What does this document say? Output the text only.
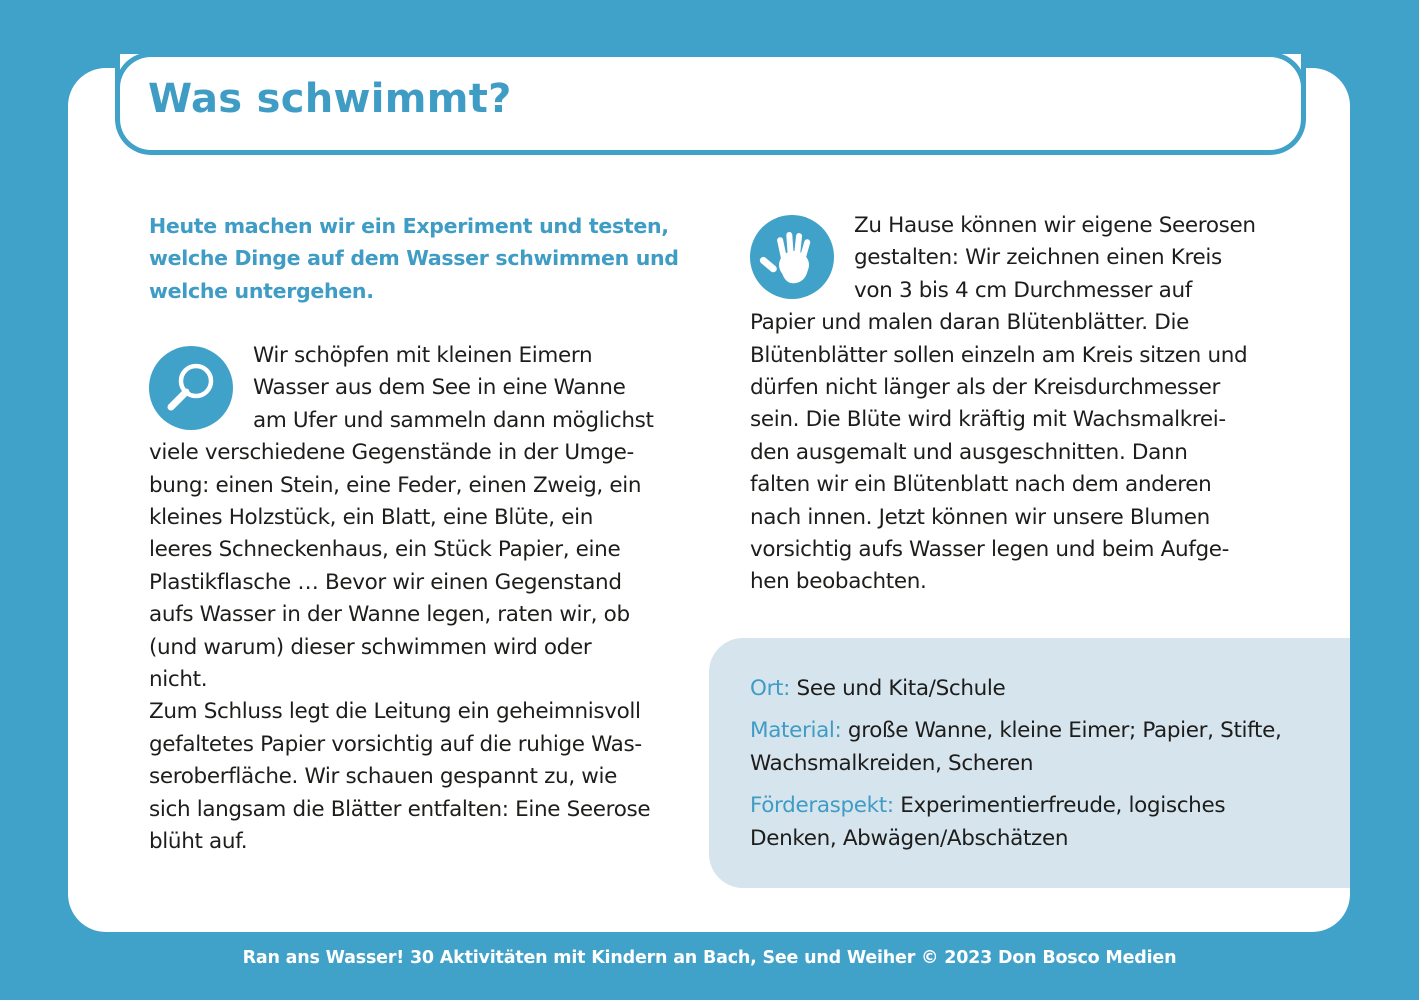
Was schwimmt?
Heute machen wir ein Experiment und testen,
welche Dinge auf dem Wasser schwimmen und
welche untergehen.
Wir schöpfen mit kleinen Eimern
Wasser aus dem See in eine Wanne
am Ufer und sammeln dann möglichst
viele verschiedene Gegenstände in der Umge-
bung: einen Stein, eine Feder, einen Zweig, ein
kleines Holzstück, ein Blatt, eine Blüte, ein
leeres Schneckenhaus, ein Stück Papier, eine
Plastikflasche … Bevor wir einen Gegenstand
aufs Wasser in der Wanne legen, raten wir, ob
(und warum) dieser schwimmen wird oder
nicht.
Zum Schluss legt die Leitung ein geheimnisvoll
gefaltetes Papier vorsichtig auf die ruhige Was-
seroberfläche. Wir schauen gespannt zu, wie
sich langsam die Blätter entfalten: Eine Seerose
blüht auf.
Zu Hause können wir eigene Seerosen
gestalten: Wir zeichnen einen Kreis
von 3 bis 4 cm Durchmesser auf
Papier und malen daran Blütenblätter. Die
Blütenblätter sollen einzeln am Kreis sitzen und
dürfen nicht länger als der Kreisdurchmesser
sein. Die Blüte wird kräftig mit Wachsmalkrei-
den ausgemalt und ausgeschnitten. Dann
falten wir ein Blütenblatt nach dem anderen
nach innen. Jetzt können wir unsere Blumen
vorsichtig aufs Wasser legen und beim Aufge-
hen beobachten.
Ort: See und Kita/Schule
Material: große Wanne, kleine Eimer; Papier, Stifte,
Wachsmalkreiden, Scheren
Förderaspekt: Experimentierfreude, logisches
Denken, Abwägen/Abschätzen
Ran ans Wasser! 30 Aktivitäten mit Kindern an Bach, See und Weiher © 2023 Don Bosco Medien
